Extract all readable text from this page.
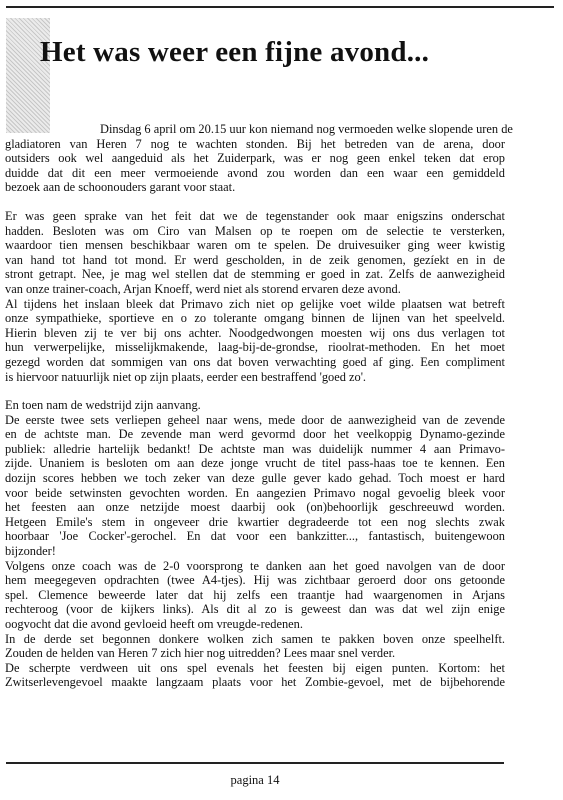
Het was weer een fijne avond...
Dinsdag 6 april om 20.15 uur kon niemand nog vermoeden welke slopende uren de
gladiatoren van Heren 7 nog te wachten stonden. Bij het betreden van de arena, door
outsiders ook wel aangeduid als het Zuiderpark, was er nog geen enkel teken dat erop
duidde dat dit een meer vermoeiende avond zou worden dan een waar een gemiddeld
bezoek aan de schoonouders garant voor staat.
Er was geen sprake van het feit dat we de tegenstander ook maar enigszins onderschat
hadden. Besloten was om Ciro van Malsen op te roepen om de selectie te versterken,
waardoor tien mensen beschikbaar waren om te spelen. De druivesuiker ging weer kwistig
van hand tot hand tot mond. Er werd gescholden, in de zeik genomen, gezíekt en in de
stront getrapt. Nee, je mag wel stellen dat de stemming er goed in zat. Zelfs de aanwezigheid
van onze trainer-coach, Arjan Knoeff, werd niet als storend ervaren deze avond.
Al tijdens het inslaan bleek dat Primavo zich niet op gelijke voet wilde plaatsen wat betreft
onze sympathieke, sportieve en o zo tolerante omgang binnen de lijnen van het speelveld.
Hierin bleven zij te ver bij ons achter. Noodgedwongen moesten wij ons dus verlagen tot
hun verwerpelijke, misselijkmakende, laag-bij-de-grondse, rioolrat-methoden. En het moet
gezegd worden dat sommigen van ons dat boven verwachting goed af ging. Een compliment
is hiervoor natuurlijk niet op zijn plaats, eerder een bestraffend 'goed zo'.
En toen nam de wedstrijd zijn aanvang.
De eerste twee sets verliepen geheel naar wens, mede door de aanwezigheid van de zevende
en de achtste man. De zevende man werd gevormd door het veelkoppig Dynamo-gezinde
publiek: alledrie hartelijk bedankt! De achtste man was duidelijk nummer 4 aan Primavo-
zijde. Unaniem is besloten om aan deze jonge vrucht de titel pass-haas toe te kennen. Een
dozijn scores hebben we toch zeker van deze gulle gever kado gehad. Toch moest er hard
voor beide setwinsten gevochten worden. En aangezien Primavo nogal gevoelig bleek voor
het feesten aan onze netzijde moest daarbij ook (on)behoorlijk geschreeuwd worden.
Hetgeen Emile's stem in ongeveer drie kwartier degradeerde tot een nog slechts zwak
hoorbaar 'Joe Cocker'-gerochel. En dat voor een bankzitter..., fantastisch, buitengewoon
bijzonder!
Volgens onze coach was de 2-0 voorsprong te danken aan het goed navolgen van de door
hem meegegeven opdrachten (twee A4-tjes). Hij was zichtbaar geroerd door ons getoonde
spel. Clemence beweerde later dat hij zelfs een traantje had waargenomen in Arjans
rechteroog (voor de kijkers links). Als dit al zo is geweest dan was dat wel zijn enige
oogvocht dat die avond gevloeid heeft om vreugde-redenen.
In de derde set begonnen donkere wolken zich samen te pakken boven onze speelhelft.
Zouden de helden van Heren 7 zich hier nog uitredden? Lees maar snel verder.
De scherpte verdween uit ons spel evenals het feesten bij eigen punten. Kortom: het
Zwitserlevengevoel maakte langzaam plaats voor het Zombie-gevoel, met de bijbehorende
pagina 14
